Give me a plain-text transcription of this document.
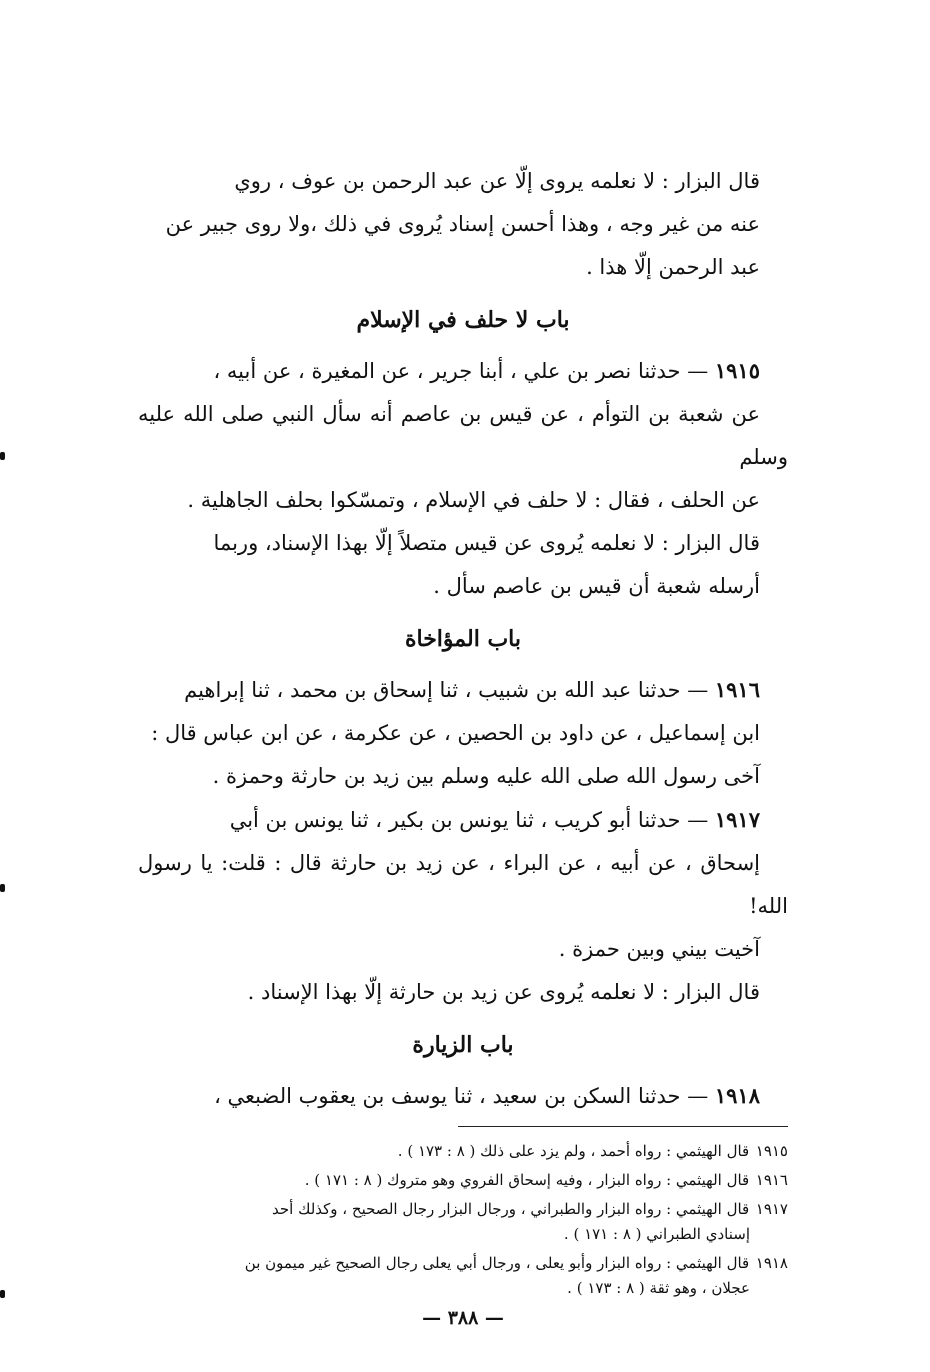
قال البزار : لا نعلمه يروى إلّا عن عبد الرحمن بن عوف ، روي
عنه من غير وجه ، وهذا أحسن إسناد يُروى في ذلك ،ولا روى جبير عن
عبد الرحمن إلّا هذا .

باب لا حلف في الإسلام

١٩١٥ — حدثنا نصر بن علي ، أبنا جرير ، عن المغيرة ، عن أبيه ،
عن شعبة بن التوأم ، عن قيس بن عاصم أنه سأل النبي صلى الله عليه وسلم
عن الحلف ، فقال : لا حلف في الإسلام ، وتمسّكوا بحلف الجاهلية .

قال البزار : لا نعلمه يُروى عن قيس متصلاً إلّا بهذا الإسناد، وربما
أرسله شعبة أن قيس بن عاصم سأل .

باب المؤاخاة

١٩١٦ — حدثنا عبد الله بن شبيب ، ثنا إسحاق بن محمد ، ثنا إبراهيم
ابن إسماعيل ، عن داود بن الحصين ، عن عكرمة ، عن ابن عباس قال :
آخى رسول الله صلى الله عليه وسلم بين زيد بن حارثة وحمزة .

١٩١٧ — حدثنا أبو كريب ، ثنا يونس بن بكير ، ثنا يونس بن أبي
إسحاق ، عن أبيه ، عن البراء ، عن زيد بن حارثة قال : قلت: يا رسول الله!
آخيت بيني وبين حمزة .

قال البزار : لا نعلمه يُروى عن زيد بن حارثة إلّا بهذا الإسناد .

باب الزيارة

١٩١٨ — حدثنا السكن بن سعيد ، ثنا يوسف بن يعقوب الضبعي ،

١٩١٥ قال الهيثمي : رواه أحمد ، ولم يزد على ذلك ( ٨ : ١٧٣ ) .

١٩١٦ قال الهيثمي : رواه البزار ، وفيه إسحاق الفروي وهو متروك ( ٨ : ١٧١ ) .

١٩١٧ قال الهيثمي : رواه البزار والطبراني ، ورجال البزار رجال الصحيح ، وكذلك أحد
إسنادي الطبراني ( ٨ : ١٧١ ) .

١٩١٨ قال الهيثمي : رواه البزار وأبو يعلى ، ورجال أبي يعلى رجال الصحيح غير ميمون بن
عجلان ، وهو ثقة ( ٨ : ١٧٣ ) .

— ٣٨٨ —
